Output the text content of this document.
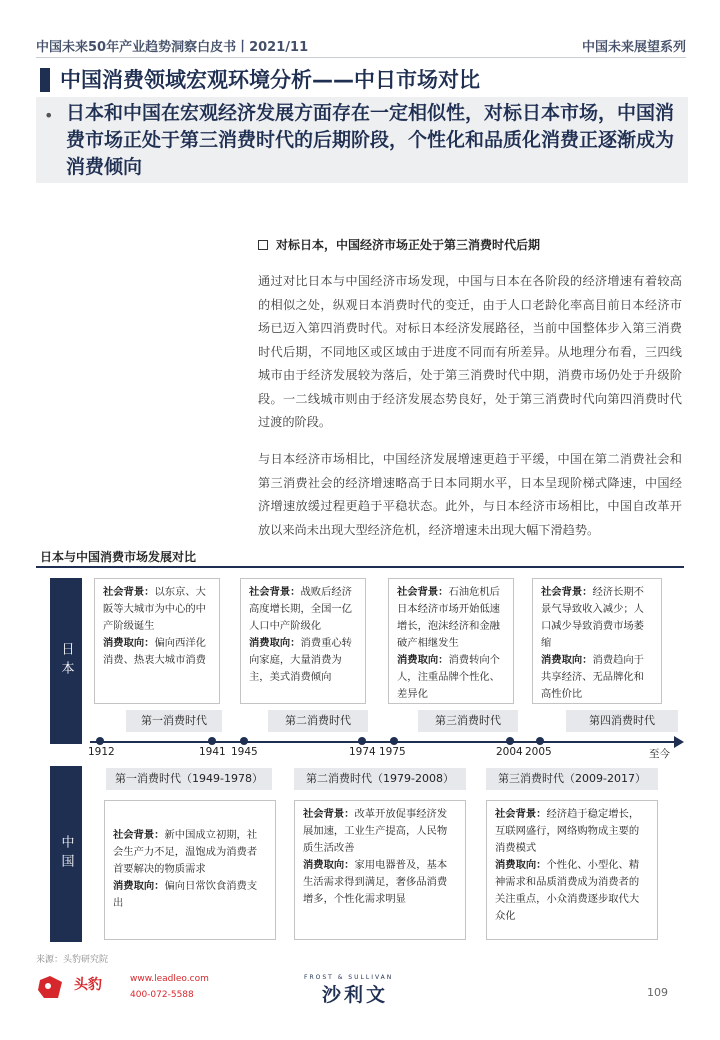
中国未来50年产业趋势洞察白皮书丨2021/11	中国未来展望系列
中国消费领域宏观环境分析——中日市场对比
• 日本和中国在宏观经济发展方面存在一定相似性，对标日本市场，中国消费市场正处于第三消费时代的后期阶段，个性化和品质化消费正逐渐成为消费倾向
对标日本，中国经济市场正处于第三消费时代后期
通过对比日本与中国经济市场发现，中国与日本在各阶段的经济增速有着较高的相似之处，纵观日本消费时代的变迁，由于人口老龄化率高目前日本经济市场已迈入第四消费时代。对标日本经济发展路径，当前中国整体步入第三消费时代后期，不同地区或区域由于进度不同而有所差异。从地理分布看，三四线城市由于经济发展较为落后，处于第三消费时代中期，消费市场仍处于升级阶段。一二线城市则由于经济发展态势良好，处于第三消费时代向第四消费时代过渡的阶段。
与日本经济市场相比，中国经济发展增速更趋于平缓，中国在第二消费社会和第三消费社会的经济增速略高于日本同期水平，日本呈现阶梯式降速，中国经济增速放缓过程更趋于平稳状态。此外，与日本经济市场相比，中国自改革开放以来尚未出现大型经济危机，经济增速未出现大幅下滑趋势。
日本与中国消费市场发展对比
日本
社会背景：以东京、大阪等大城市为中心的中产阶级诞生
消费取向：偏向西洋化消费、热衷大城市消费
社会背景：战败后经济高度增长期，全国一亿人口中产阶级化
消费取向：消费重心转向家庭，大量消费为主，美式消费倾向
社会背景：石油危机后日本经济市场开始低速增长，泡沫经济和金融破产相继发生
消费取向：消费转向个人，注重品牌个性化、差异化
社会背景：经济长期不景气导致收入减少；人口减少导致消费市场萎缩
消费取向：消费趋向于共享经济、无品牌化和高性价比
第一消费时代	第二消费时代	第三消费时代	第四消费时代
1912	1941 1945	1974 1975	2004 2005	至今
中国
第一消费时代（1949-1978）	第二消费时代（1979-2008）	第三消费时代（2009-2017）
社会背景：新中国成立初期，社会生产力不足，温饱成为消费者首要解决的物质需求
消费取向：偏向日常饮食消费支出
社会背景：改革开放促事经济发展加速，工业生产提高，人民物质生活改善
消费取向：家用电器普及，基本生活需求得到满足，奢侈品消费增多，个性化需求明显
社会背景：经济趋于稳定增长，互联网盛行，网络购物成主要的消费模式
消费取向：个性化、小型化、精神需求和品质消费成为消费者的关注重点，小众消费逐步取代大众化
来源：头豹研究院
头豹	www.leadleo.com
400-072-5588
FROST & SULLIVAN
沙利文	109
